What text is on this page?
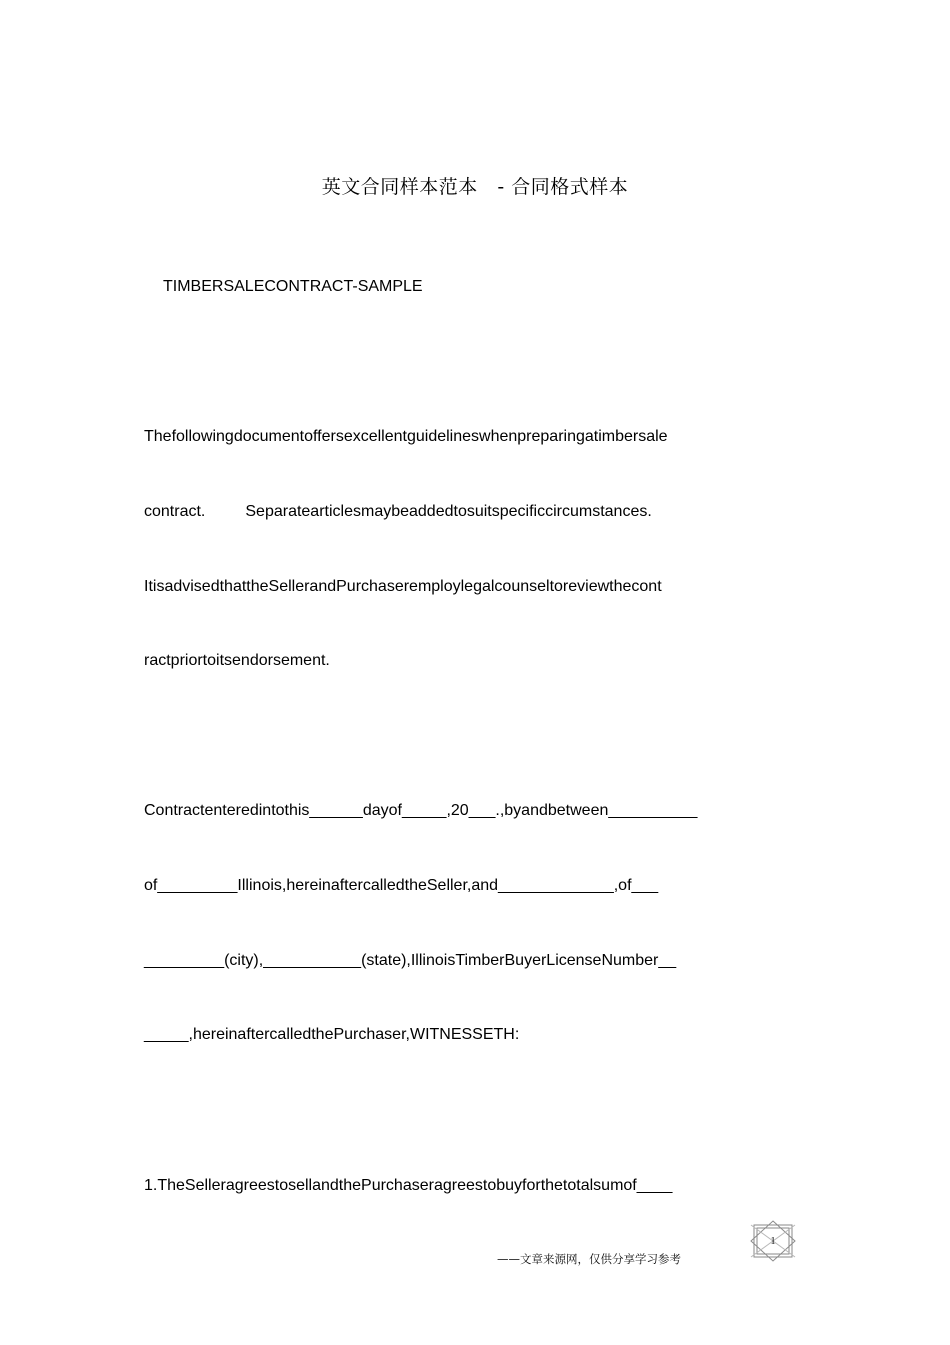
英文合同样本范本   - 合同格式样本
TIMBERSALECONTRACT-SAMPLE
Thefollowingdocumentoffersexcellentguidelineswhenpreparingatimbersale
contract.         Separatearticlesmaybeaddedtosuitspecificcircumstances.
ItisadvisedthattheSellerandPurchaseremploylegalcounseltoreviewthecont
ractpriortoitsendorsement.
Contractenteredintothis______dayof_____,20___.,byandbetween__________
of_________Illinois,hereinaftercalledtheSeller,and_____________,of___
_________(city),___________(state),IllinoisTimberBuyerLicenseNumber__
_____,hereinaftercalledthePurchaser,WITNESSETH:
1.TheSelleragreestosellandthePurchaseragreestobuyforthetotalsumof____
——文章来源网，仅供分享学习参考
1
